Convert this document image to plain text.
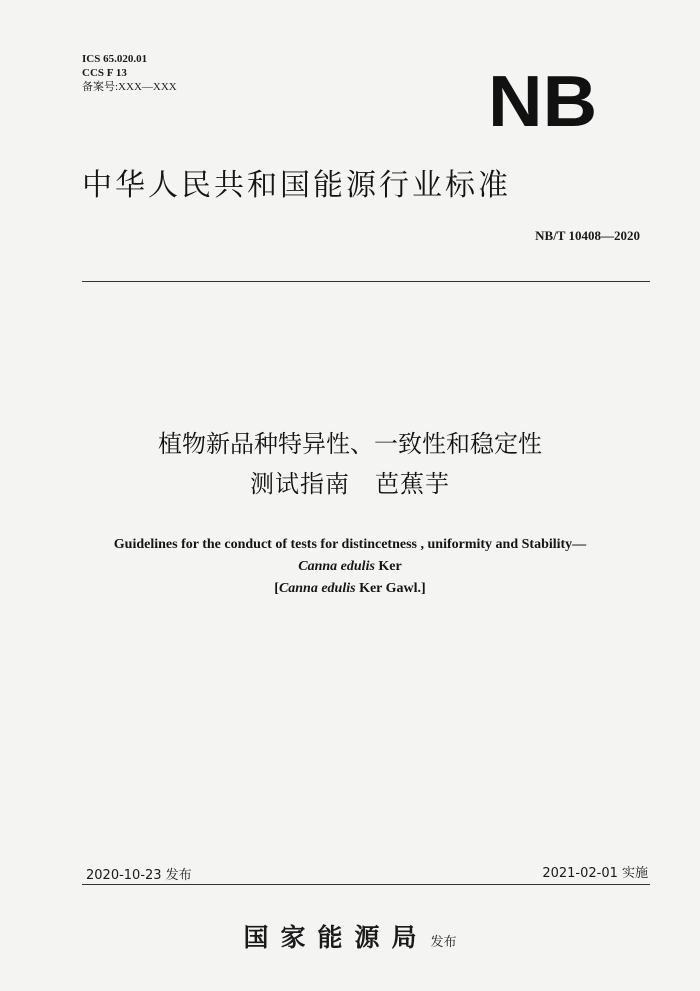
ICS 65.020.01
CCS F 13
备案号:XXX—XXX	NB
中华人民共和国能源行业标准
NB/T 10408—2020
植物新品种特异性、一致性和稳定性
测试指南　芭蕉芋
Guidelines for the conduct of tests for distincetness , uniformity and Stability—
Canna edulis Ker
[Canna edulis Ker Gawl.]
2020-10-23 发布	2021-02-01 实施
国家能源局 发布
